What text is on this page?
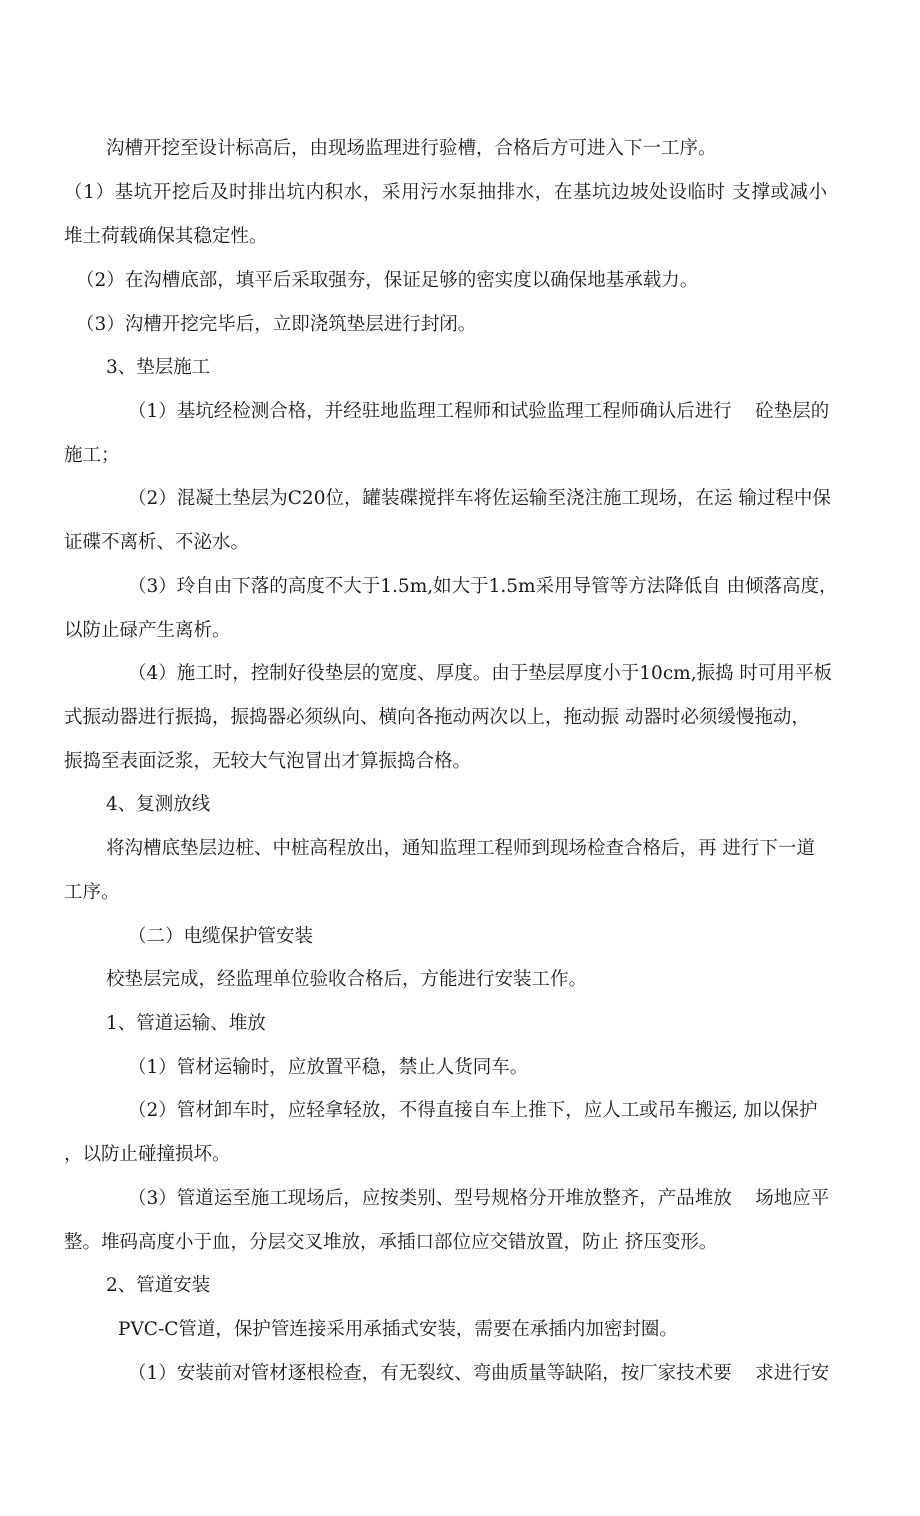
沟槽开挖至设计标高后，由现场监理进行验槽，合格后方可进入下一工序。

（1）基坑开挖后及时排出坑内积水，采用污水泵抽排水，在基坑边坡处设临时 支撑或减小

堆土荷载确保其稳定性。

（2）在沟槽底部，填平后采取强夯，保证足够的密实度以确保地基承载力。

（3）沟槽开挖完毕后，立即浇筑垫层进行封闭。

3、垫层施工

（1）基坑经检测合格，并经驻地监理工程师和试验监理工程师确认后进行    砼垫层的

施工；

（2）混凝土垫层为C20位，罐装碟搅拌车将佐运输至浇注施工现场，在运 输过程中保

证碟不离析、不泌水。

（3）玲自由下落的高度不大于1.5m,如大于1.5m采用导管等方法降低自 由倾落高度，

以防止碌产生离析。

（4）施工时，控制好役垫层的宽度、厚度。由于垫层厚度小于10cm,振捣 时可用平板

式振动器进行振捣，振捣器必须纵向、横向各拖动两次以上，拖动振 动器时必须缓慢拖动，

振捣至表面泛浆，无较大气泡冒出才算振捣合格。

4、复测放线

将沟槽底垫层边桩、中桩高程放出，通知监理工程师到现场检查合格后，再 进行下一道

工序。

（二）电缆保护管安装

校垫层完成，经监理单位验收合格后，方能进行安装工作。

1、管道运输、堆放

（1）管材运输时，应放置平稳，禁止人货同车。

（2）管材卸车时，应轻拿轻放，不得直接自车上推下，应人工或吊车搬运, 加以保护

，以防止碰撞损坏。

（3）管道运至施工现场后，应按类别、型号规格分开堆放整齐，产品堆放    场地应平

整。堆码高度小于血，分层交叉堆放，承插口部位应交错放置，防止 挤压变形。

2、管道安装

PVC-C管道，保护管连接采用承插式安装，需要在承插内加密封圈。

（1）安装前对管材逐根检查，有无裂纹、弯曲质量等缺陷，按厂家技术要    求进行安
